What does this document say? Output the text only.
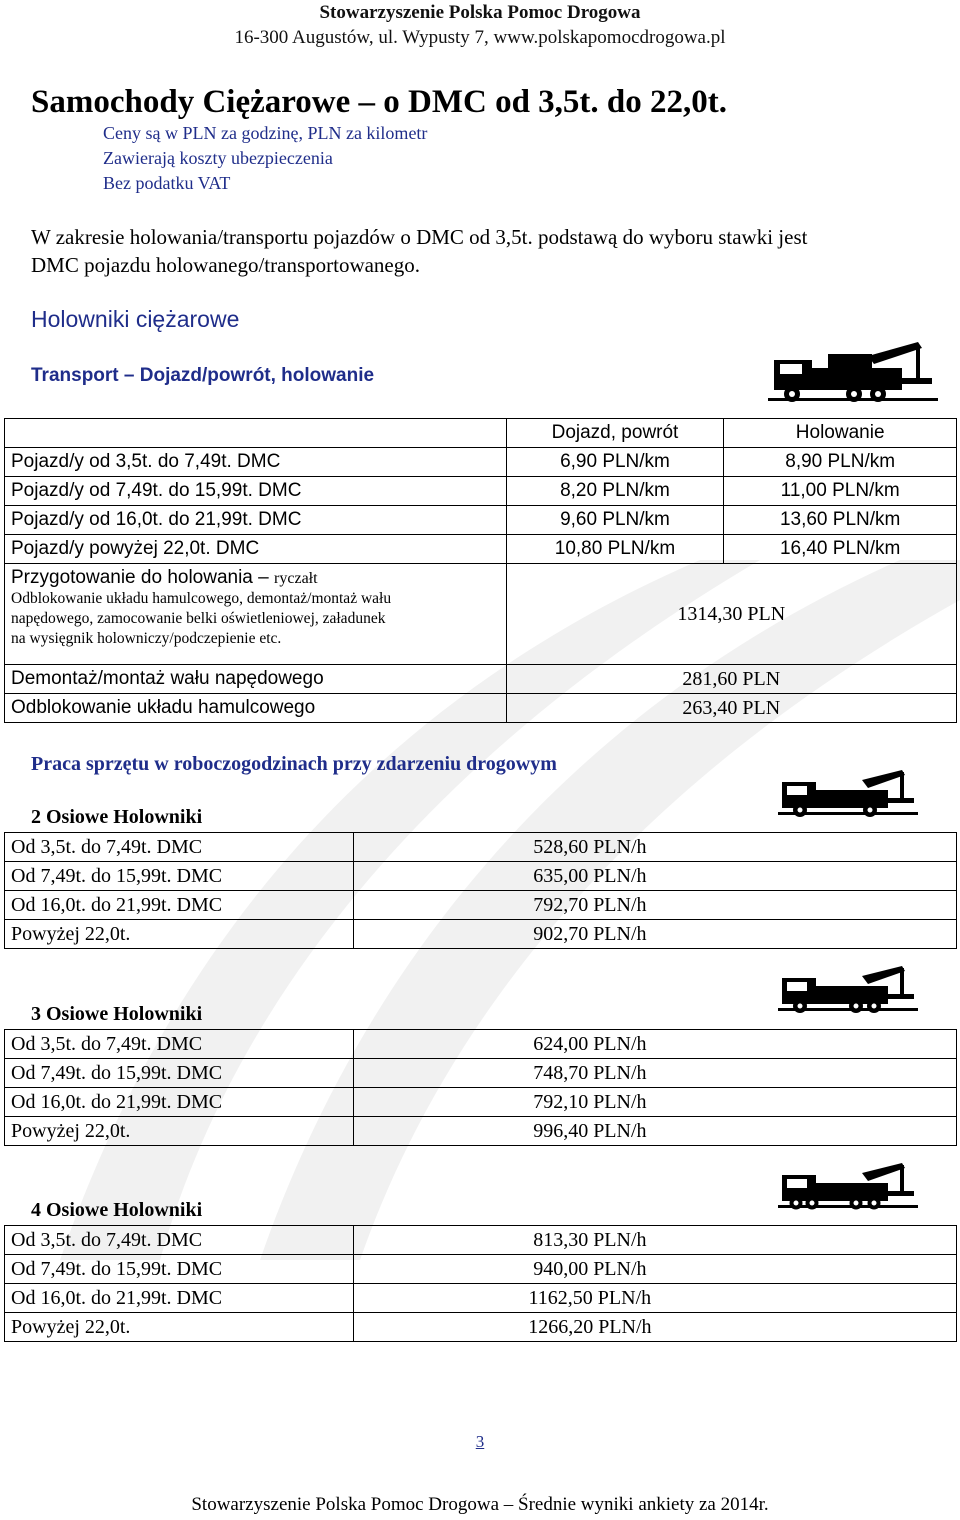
Stowarzyszenie Polska Pomoc Drogowa
16-300 Augustów, ul. Wypusty 7, www.polskapomocdrogowa.pl
Samochody Ciężarowe – o DMC od 3,5t. do 22,0t.
Ceny są w PLN za godzinę, PLN za kilometr
Zawierają koszty ubezpieczenia
Bez podatku VAT
W zakresie holowania/transportu pojazdów o DMC od 3,5t. podstawą do wyboru stawki jest
DMC pojazdu holowanego/transportowanego.
Holowniki ciężarowe
Transport – Dojazd/powrót, holowanie
	Dojazd, powrót	Holowanie
Pojazd/y od 3,5t. do 7,49t. DMC	6,90 PLN/km	8,90 PLN/km
Pojazd/y od 7,49t. do 15,99t. DMC	8,20 PLN/km	11,00 PLN/km
Pojazd/y od 16,0t. do 21,99t. DMC	9,60 PLN/km	13,60 PLN/km
Pojazd/y powyżej 22,0t. DMC	10,80 PLN/km	16,40 PLN/km
Przygotowanie do holowania – ryczałt
Odblokowanie układu hamulcowego, demontaż/montaż wału
napędowego, zamocowanie belki oświetleniowej, załadunek
na wysięgnik holowniczy/podczepienie etc.	1314,30 PLN	
Demontaż/montaż wału napędowego	281,60 PLN	
Odblokowanie układu hamulcowego	263,40 PLN	
Praca sprzętu w roboczogodzinach przy zdarzeniu drogowym
2 Osiowe Holowniki
Od 3,5t. do 7,49t. DMC	528,60 PLN/h
Od 7,49t. do 15,99t. DMC	635,00 PLN/h
Od 16,0t. do 21,99t. DMC	792,70 PLN/h
Powyżej 22,0t.	902,70 PLN/h
3 Osiowe Holowniki
Od 3,5t. do 7,49t. DMC	624,00 PLN/h
Od 7,49t. do 15,99t. DMC	748,70 PLN/h
Od 16,0t. do 21,99t. DMC	792,10 PLN/h
Powyżej 22,0t.	996,40 PLN/h
4 Osiowe Holowniki
Od 3,5t. do 7,49t. DMC	813,30 PLN/h
Od 7,49t. do 15,99t. DMC	940,00 PLN/h
Od 16,0t. do 21,99t. DMC	1162,50 PLN/h
Powyżej 22,0t.	1266,20 PLN/h
3
Stowarzyszenie Polska Pomoc Drogowa – Średnie wyniki ankiety za 2014r.
